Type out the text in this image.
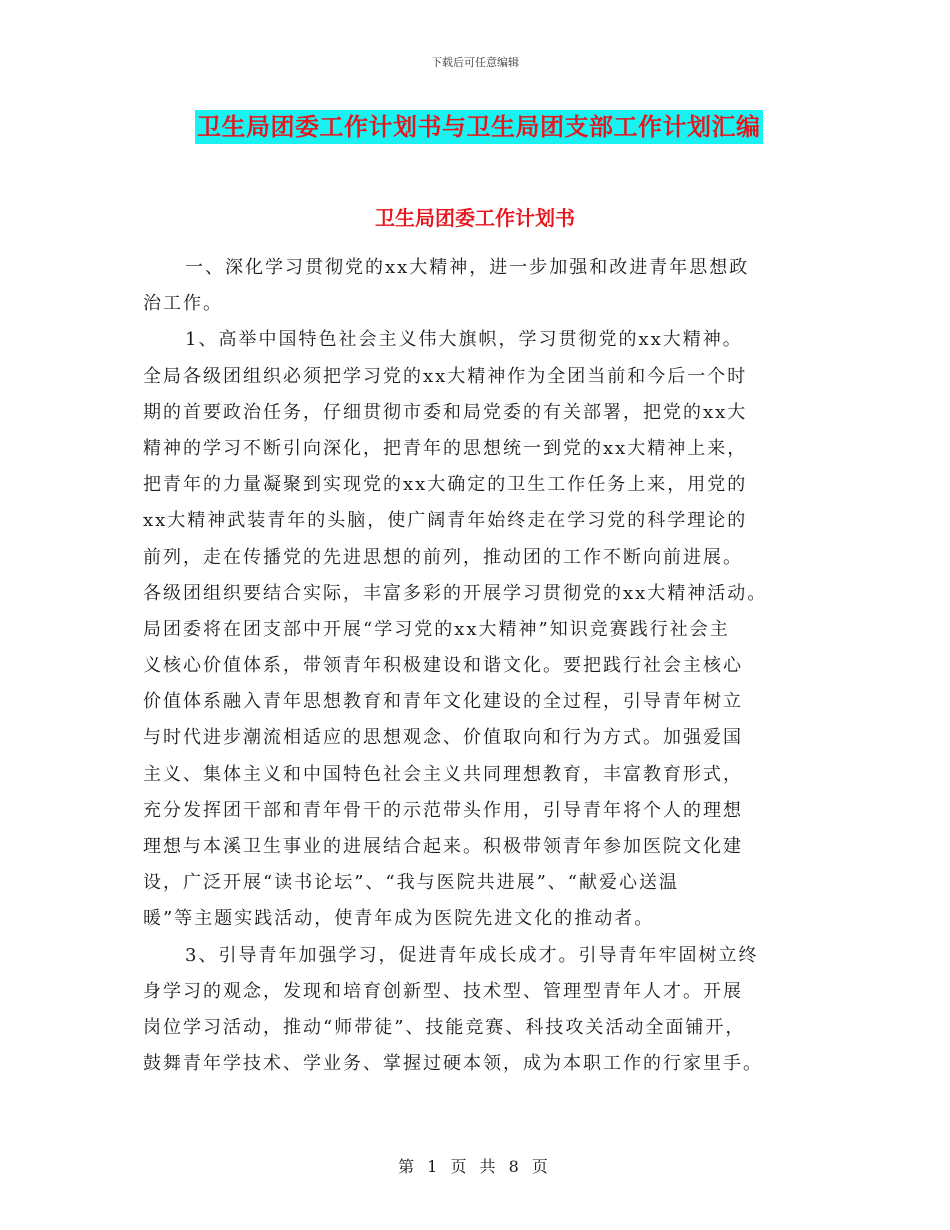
下载后可任意编辑
卫生局团委工作计划书与卫生局团支部工作计划汇编
卫生局团委工作计划书
一、深化学习贯彻党的xx大精神，进一步加强和改进青年思想政
治工作。
1、高举中国特色社会主义伟大旗帜，学习贯彻党的xx大精神。
全局各级团组织必须把学习党的xx大精神作为全团当前和今后一个时
期的首要政治任务，仔细贯彻市委和局党委的有关部署，把党的xx大
精神的学习不断引向深化，把青年的思想统一到党的xx大精神上来，
把青年的力量凝聚到实现党的xx大确定的卫生工作任务上来，用党的
xx大精神武装青年的头脑，使广阔青年始终走在学习党的科学理论的
前列，走在传播党的先进思想的前列，推动团的工作不断向前进展。
各级团组织要结合实际，丰富多彩的开展学习贯彻党的xx大精神活动。
局团委将在团支部中开展“学习党的xx大精神”知识竞赛践行社会主
义核心价值体系，带领青年积极建设和谐文化。要把践行社会主核心
价值体系融入青年思想教育和青年文化建设的全过程，引导青年树立
与时代进步潮流相适应的思想观念、价值取向和行为方式。加强爱国
主义、集体主义和中国特色社会主义共同理想教育，丰富教育形式，
充分发挥团干部和青年骨干的示范带头作用，引导青年将个人的理想
理想与本溪卫生事业的进展结合起来。积极带领青年参加医院文化建
设，广泛开展“读书论坛”、“我与医院共进展”、“献爱心送温
暖”等主题实践活动，使青年成为医院先进文化的推动者。
3、引导青年加强学习，促进青年成长成才。引导青年牢固树立终
身学习的观念，发现和培育创新型、技术型、管理型青年人才。开展
岗位学习活动，推动“师带徒”、技能竞赛、科技攻关活动全面铺开，
鼓舞青年学技术、学业务、掌握过硬本领，成为本职工作的行家里手。
第 1 页 共 8 页
